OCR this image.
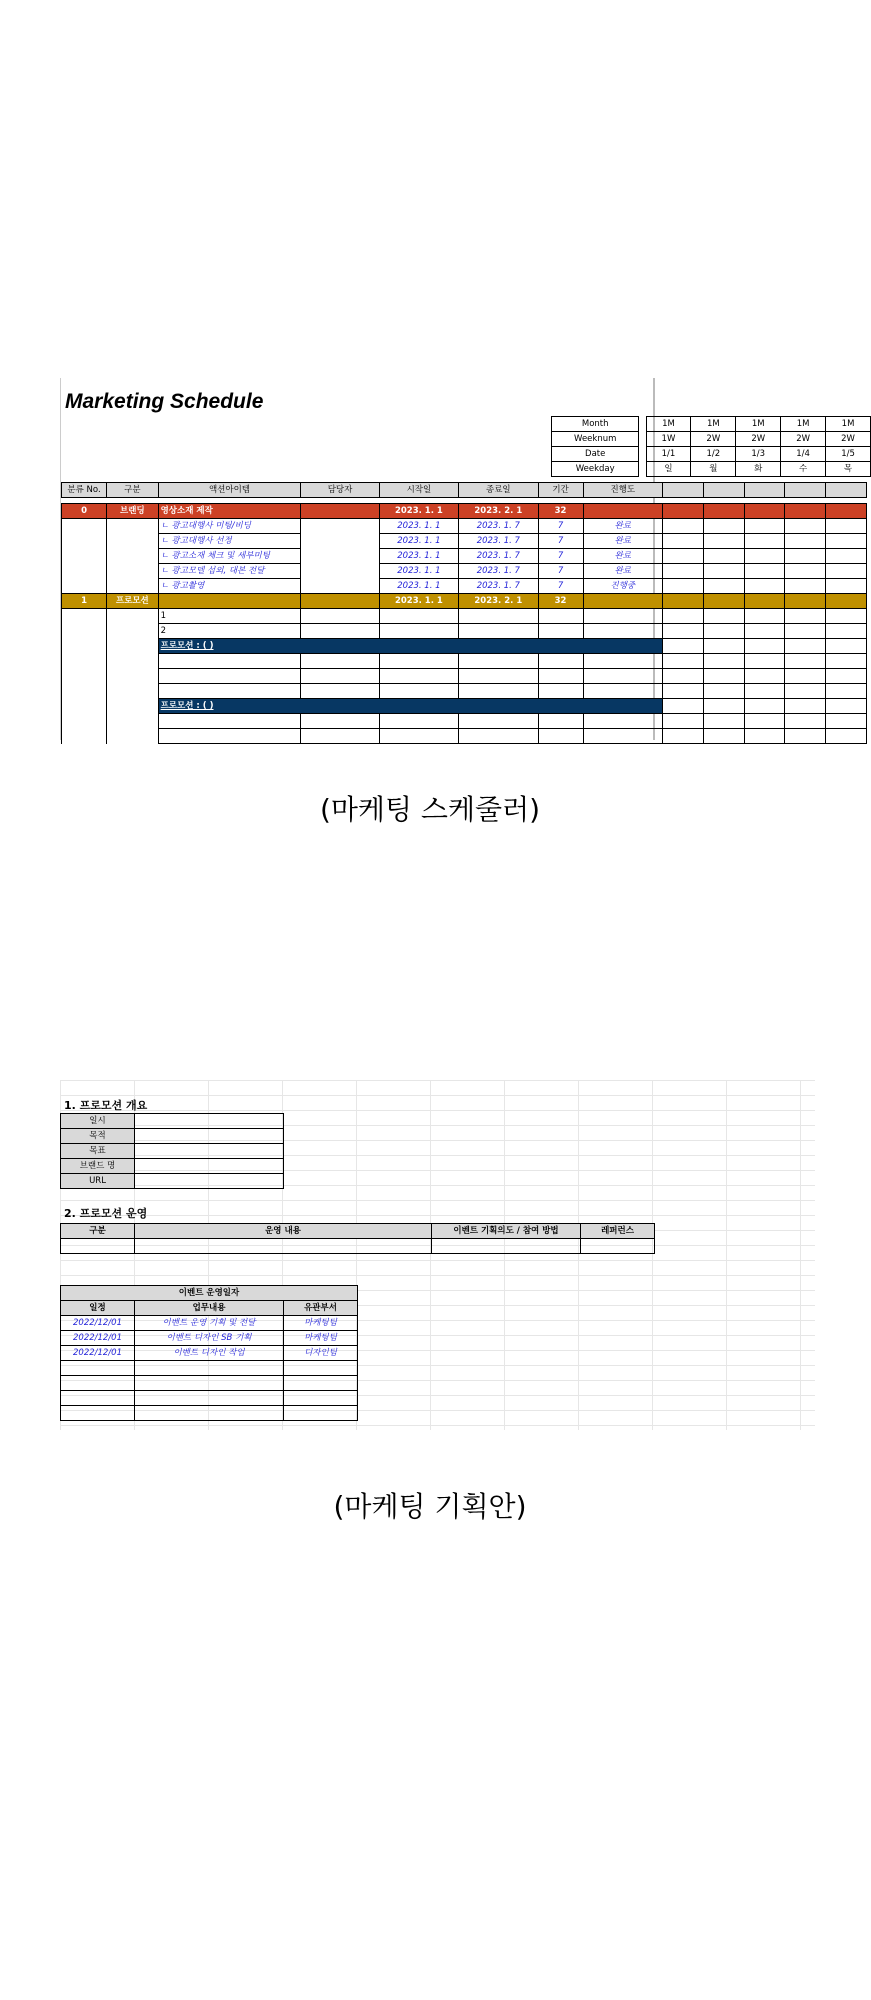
Marketing Schedule
Month		1M	1M	1M	1M	1M
Weeknum		1W	2W	2W	2W	2W
Date		1/1	1/2	1/3	1/4	1/5
Weekday		일	월	화	수	목
분류 No.	구분	액션아이템	담당자	시작일	종료일	기간	진행도					

0	브랜딩	영상소재 제작		2023. 1. 1	2023. 2. 1	32						
		ㄴ 광고대행사 미팅/비딩		2023. 1. 1	2023. 1. 7	7	완료					
		ㄴ 광고대행사 선정		2023. 1. 1	2023. 1. 7	7	완료					
		ㄴ 광고소재 체크 및 세부미팅		2023. 1. 1	2023. 1. 7	7	완료					
		ㄴ 광고모델 섭외, 대본 전달		2023. 1. 1	2023. 1. 7	7	완료					
		ㄴ 광고촬영		2023. 1. 1	2023. 1. 7	7	진행중					
1	프로모션			2023. 1. 1	2023. 2. 1	32						
		1										
		2										
		프로모션 : ( )										

		프로모션 : ( )										

(마케팅 스케줄러)
1. 프로모션 개요
일시	
목적	
목표	
브랜드 명	
URL	
2. 프로모션 운영
구분	운영 내용	이벤트 기획의도 / 참여 방법	레퍼런스

이벤트 운영일자		
일정	업무내용	유관부서
2022/12/01	이벤트 운영 기획 및 전달	마케팅팀
2022/12/01	이벤트 디자인 SB 기획	마케팅팀
2022/12/01	이벤트 디자인 작업	디자인팀

(마케팅 기획안)
